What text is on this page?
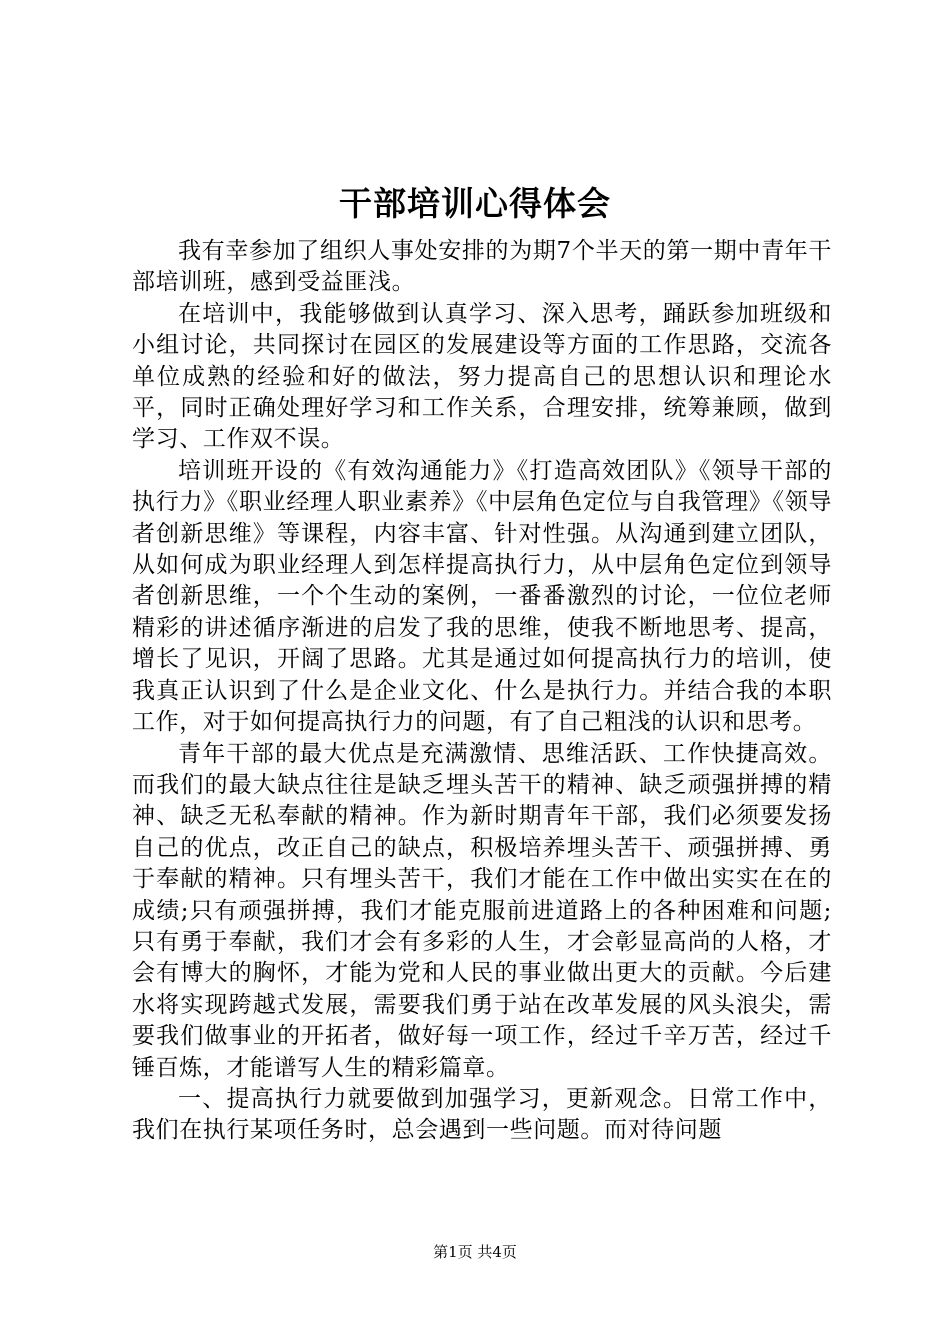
干部培训心得体会

我有幸参加了组织人事处安排的为期7个半天的第一期中青年干部培训班，感到受益匪浅。

在培训中，我能够做到认真学习、深入思考，踊跃参加班级和小组讨论，共同探讨在园区的发展建设等方面的工作思路，交流各单位成熟的经验和好的做法，努力提高自己的思想认识和理论水平，同时正确处理好学习和工作关系，合理安排，统筹兼顾，做到学习、工作双不误。

培训班开设的《有效沟通能力》《打造高效团队》《领导干部的执行力》《职业经理人职业素养》《中层角色定位与自我管理》《领导者创新思维》等课程，内容丰富、针对性强。从沟通到建立团队，从如何成为职业经理人到怎样提高执行力，从中层角色定位到领导者创新思维，一个个生动的案例，一番番激烈的讨论，一位位老师精彩的讲述循序渐进的启发了我的思维，使我不断地思考、提高，增长了见识，开阔了思路。尤其是通过如何提高执行力的培训，使我真正认识到了什么是企业文化、什么是执行力。并结合我的本职工作，对于如何提高执行力的问题，有了自己粗浅的认识和思考。

青年干部的最大优点是充满激情、思维活跃、工作快捷高效。而我们的最大缺点往往是缺乏埋头苦干的精神、缺乏顽强拼搏的精神、缺乏无私奉献的精神。作为新时期青年干部，我们必须要发扬自己的优点，改正自己的缺点，积极培养埋头苦干、顽强拼搏、勇于奉献的精神。只有埋头苦干，我们才能在工作中做出实实在在的成绩;只有顽强拼搏，我们才能克服前进道路上的各种困难和问题;只有勇于奉献，我们才会有多彩的人生，才会彰显高尚的人格，才会有博大的胸怀，才能为党和人民的事业做出更大的贡献。今后建水将实现跨越式发展，需要我们勇于站在改革发展的风头浪尖，需要我们做事业的开拓者，做好每一项工作，经过千辛万苦，经过千锤百炼，才能谱写人生的精彩篇章。

一、提高执行力就要做到加强学习，更新观念。日常工作中，我们在执行某项任务时，总会遇到一些问题。而对待问题

第1页 共4页
